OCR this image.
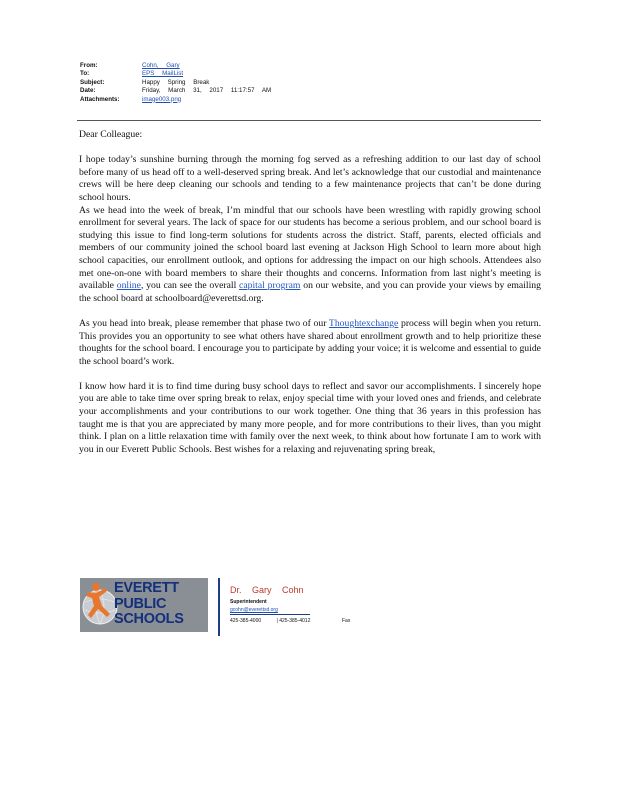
From:	Cohn, Gary
To:	EPS MailList
Subject:	Happy Spring Break
Date:	Friday, March 31, 2017 11:17:57 AM
Attachments:	image003.png

Dear Colleague:

I hope today’s sunshine burning through the morning fog served as a refreshing addition to our last day of school before many of us head off to a well-deserved spring break. And let’s acknowledge that our custodial and maintenance crews will be here deep cleaning our schools and tending to a few maintenance projects that can’t be done during school hours.

As we head into the week of break, I’m mindful that our schools have been wrestling with rapidly growing school enrollment for several years. The lack of space for our students has become a serious problem, and our school board is studying this issue to find long-term solutions for students across the district. Staff, parents, elected officials and members of our community joined the school board last evening at Jackson High School to learn more about high school capacities, our enrollment outlook, and options for addressing the impact on our high schools. Attendees also met one-on-one with board members to share their thoughts and concerns. Information from last night’s meeting is available online, you can see the overall capital program on our website, and you can provide your views by emailing the school board at schoolboard@everettsd.org.

As you head into break, please remember that phase two of our Thoughtexchange process will begin when you return. This provides you an opportunity to see what others have shared about enrollment growth and to help prioritize these thoughts for the school board. I encourage you to participate by adding your voice; it is welcome and essential to guide the school board’s work.

I know how hard it is to find time during busy school days to reflect and savor our accomplishments. I sincerely hope you are able to take time over spring break to relax, enjoy special time with your loved ones and friends, and celebrate your accomplishments and your contributions to our work together. One thing that 36 years in this profession has taught me is that you are appreciated by many more people, and for more contributions to their lives, than you might think. I plan on a little relaxation time with family over the next week, to think about how fortunate I am to work with you in our Everett Public Schools. Best wishes for a relaxing and rejuvenating spring break,

EVERETT
PUBLIC
SCHOOLS
Dr. Gary Cohn
Superintendent
gcohn@everettsd.org
425-385-4000	| 425-385-4012	Fax
